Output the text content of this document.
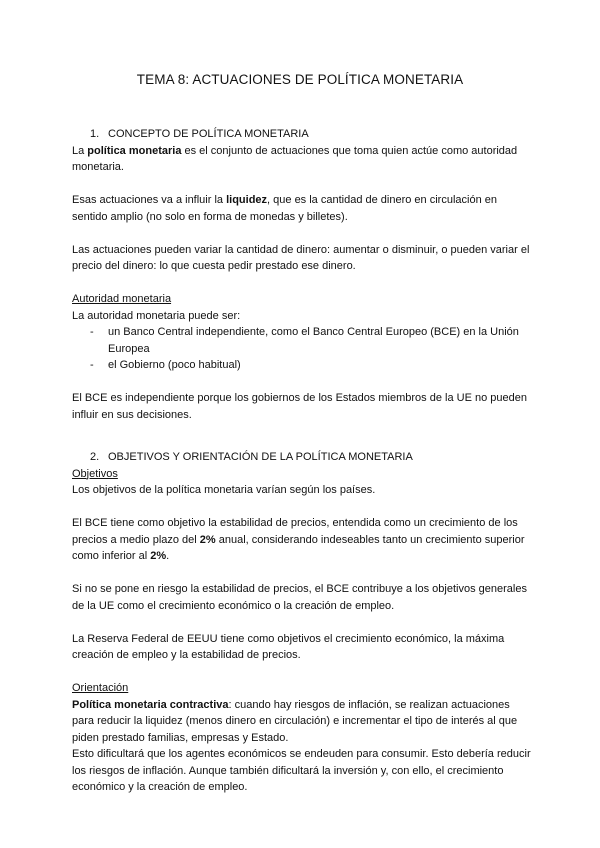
TEMA 8: ACTUACIONES DE POLÍTICA MONETARIA

1. CONCEPTO DE POLÍTICA MONETARIA

La política monetaria es el conjunto de actuaciones que toma quien actúe como autoridad monetaria.

Esas actuaciones va a influir la liquidez, que es la cantidad de dinero en circulación en sentido amplio (no solo en forma de monedas y billetes).

Las actuaciones pueden variar la cantidad de dinero: aumentar o disminuir, o pueden variar el precio del dinero: lo que cuesta pedir prestado ese dinero.

Autoridad monetaria

La autoridad monetaria puede ser:

- un Banco Central independiente, como el Banco Central Europeo (BCE) en la Unión Europea
- el Gobierno (poco habitual)

El BCE es independiente porque los gobiernos de los Estados miembros de la UE no pueden influir en sus decisiones.

2. OBJETIVOS Y ORIENTACIÓN DE LA POLÍTICA MONETARIA

Objetivos

Los objetivos de la política monetaria varían según los países.

El BCE tiene como objetivo la estabilidad de precios, entendida como un crecimiento de los precios a medio plazo del 2% anual, considerando indeseables tanto un crecimiento superior como inferior al 2%.

Si no se pone en riesgo la estabilidad de precios, el BCE contribuye a los objetivos generales de la UE como el crecimiento económico o la creación de empleo.

La Reserva Federal de EEUU tiene como objetivos el crecimiento económico, la máxima creación de empleo y la estabilidad de precios.

Orientación

Política monetaria contractiva: cuando hay riesgos de inflación, se realizan actuaciones para reducir la liquidez (menos dinero en circulación) e incrementar el tipo de interés al que piden prestado familias, empresas y Estado.

Esto dificultará que los agentes económicos se endeuden para consumir. Esto debería reducir los riesgos de inflación. Aunque también dificultará la inversión y, con ello, el crecimiento económico y la creación de empleo.
